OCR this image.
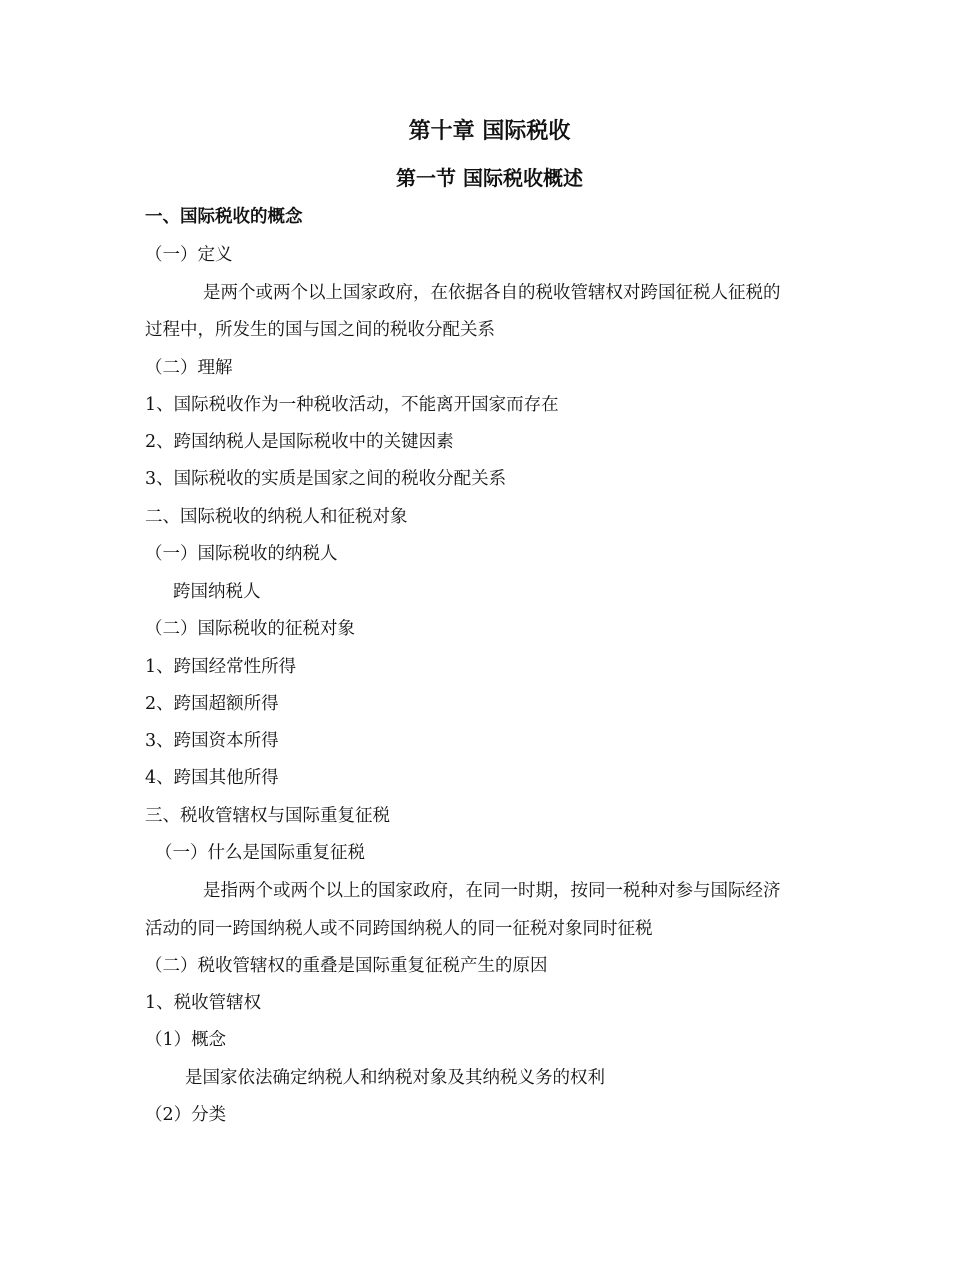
第十章 国际税收
第一节 国际税收概述
一、国际税收的概念
（一）定义
是两个或两个以上国家政府，在依据各自的税收管辖权对跨国征税人征税的
过程中，所发生的国与国之间的税收分配关系
（二）理解
1、国际税收作为一种税收活动，不能离开国家而存在
2、跨国纳税人是国际税收中的关键因素
3、国际税收的实质是国家之间的税收分配关系
二、国际税收的纳税人和征税对象
（一）国际税收的纳税人
跨国纳税人
（二）国际税收的征税对象
1、跨国经常性所得
2、跨国超额所得
3、跨国资本所得
4、跨国其他所得
三、税收管辖权与国际重复征税
（一）什么是国际重复征税
是指两个或两个以上的国家政府，在同一时期，按同一税种对参与国际经济
活动的同一跨国纳税人或不同跨国纳税人的同一征税对象同时征税
（二）税收管辖权的重叠是国际重复征税产生的原因
1、税收管辖权
（1）概念
是国家依法确定纳税人和纳税对象及其纳税义务的权利
（2）分类
